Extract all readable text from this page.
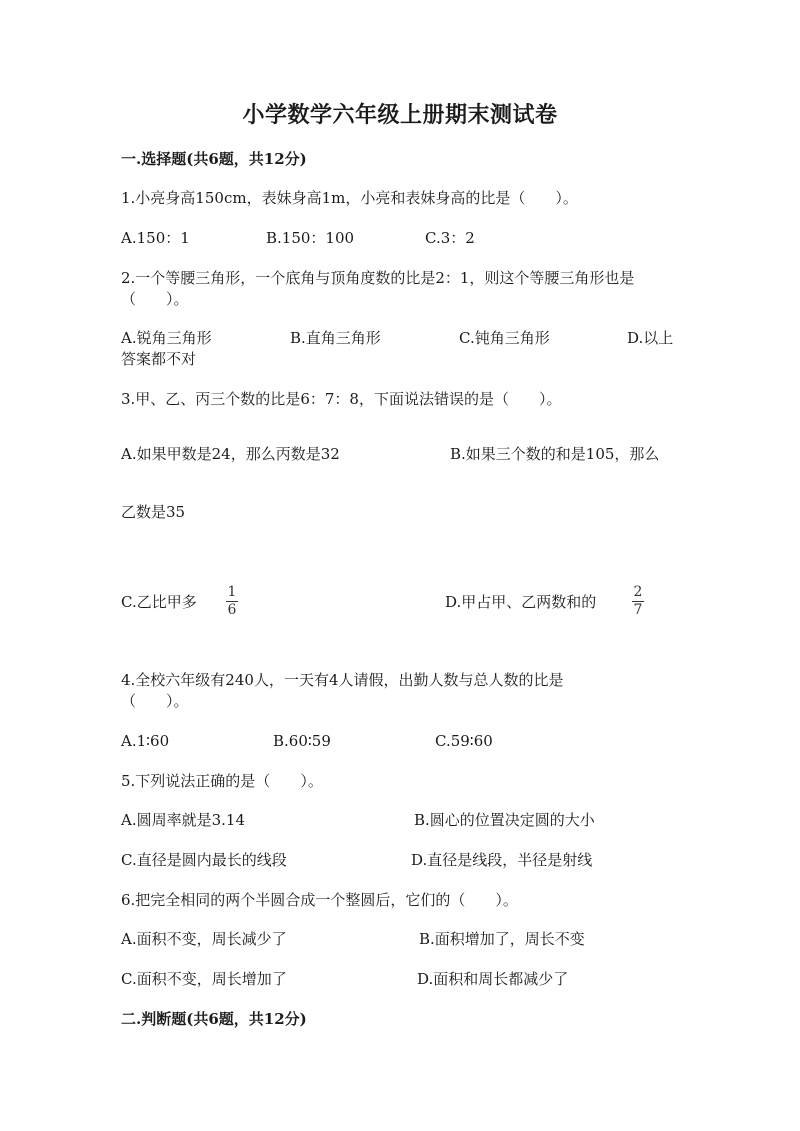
小学数学六年级上册期末测试卷
一.选择题(共6题，共12分)
1.小亮身高150cm，表妹身高1m，小亮和表妹身高的比是（　　）。
A.150：1	B.150：100	C.3：2
2.一个等腰三角形，一个底角与顶角度数的比是2：1，则这个等腰三角形也是
（　　）。
A.锐角三角形	B.直角三角形	C.钝角三角形	D.以上
答案都不对
3.甲、乙、丙三个数的比是6：7：8，下面说法错误的是（　　）。
A.如果甲数是24，那么丙数是32	B.如果三个数的和是105，那么
乙数是35
C.乙比甲多
1
6	D.甲占甲、乙两数和的
2
7
4.全校六年级有240人，一天有4人请假，出勤人数与总人数的比是
（　　）。
A.1∶60	B.60∶59	C.59∶60
5.下列说法正确的是（　　）。
A.圆周率就是3.14	B.圆心的位置决定圆的大小
C.直径是圆内最长的线段	D.直径是线段，半径是射线
6.把完全相同的两个半圆合成一个整圆后，它们的（　　）。
A.面积不变，周长减少了	B.面积增加了，周长不变
C.面积不变，周长增加了	D.面积和周长都减少了
二.判断题(共6题，共12分)
